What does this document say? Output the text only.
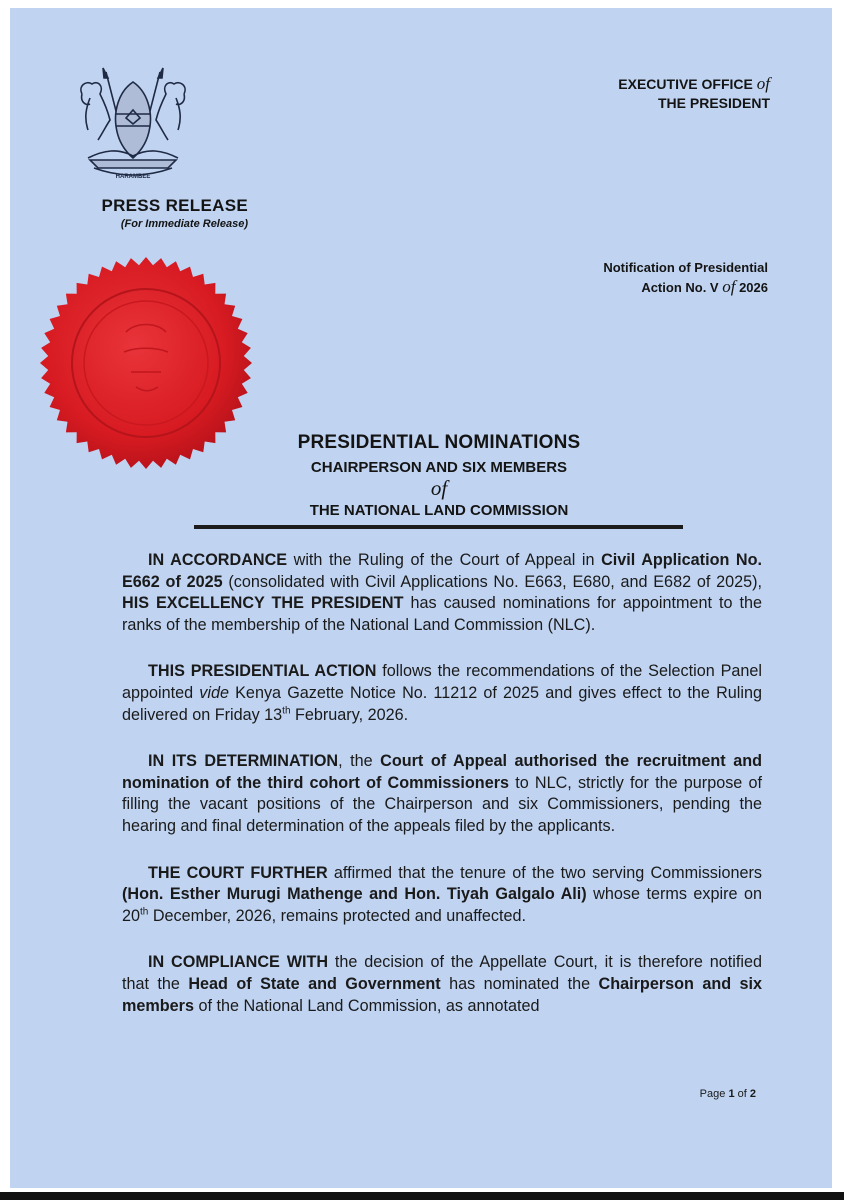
HARAMBEE
EXECUTIVE OFFICE of
THE PRESIDENT
PRESS RELEASE
(For Immediate Release)
Notification of Presidential
Action No. V of 2026
PRESIDENTIAL NOMINATIONS
CHAIRPERSON AND SIX MEMBERS
of
THE NATIONAL LAND COMMISSION

IN ACCORDANCE with the Ruling of the Court of Appeal in Civil Application No. E662 of 2025 (consolidated with Civil Applications No. E663, E680, and E682 of 2025), HIS EXCELLENCY THE PRESIDENT has caused nominations for appointment to the ranks of the membership of the National Land Commission (NLC).

THIS PRESIDENTIAL ACTION follows the recommendations of the Selection Panel appointed vide Kenya Gazette Notice No. 11212 of 2025 and gives effect to the Ruling delivered on Friday 13th February, 2026.

IN ITS DETERMINATION, the Court of Appeal authorised the recruitment and nomination of the third cohort of Commissioners to NLC, strictly for the purpose of filling the vacant positions of the Chairperson and six Commissioners, pending the hearing and final determination of the appeals filed by the applicants.

THE COURT FURTHER affirmed that the tenure of the two serving Commissioners (Hon. Esther Murugi Mathenge and Hon. Tiyah Galgalo Ali) whose terms expire on 20th December, 2026, remains protected and unaffected.

IN COMPLIANCE WITH the decision of the Appellate Court, it is therefore notified that the Head of State and Government has nominated the Chairperson and six members of the National Land Commission, as annotated

Page 1 of 2
